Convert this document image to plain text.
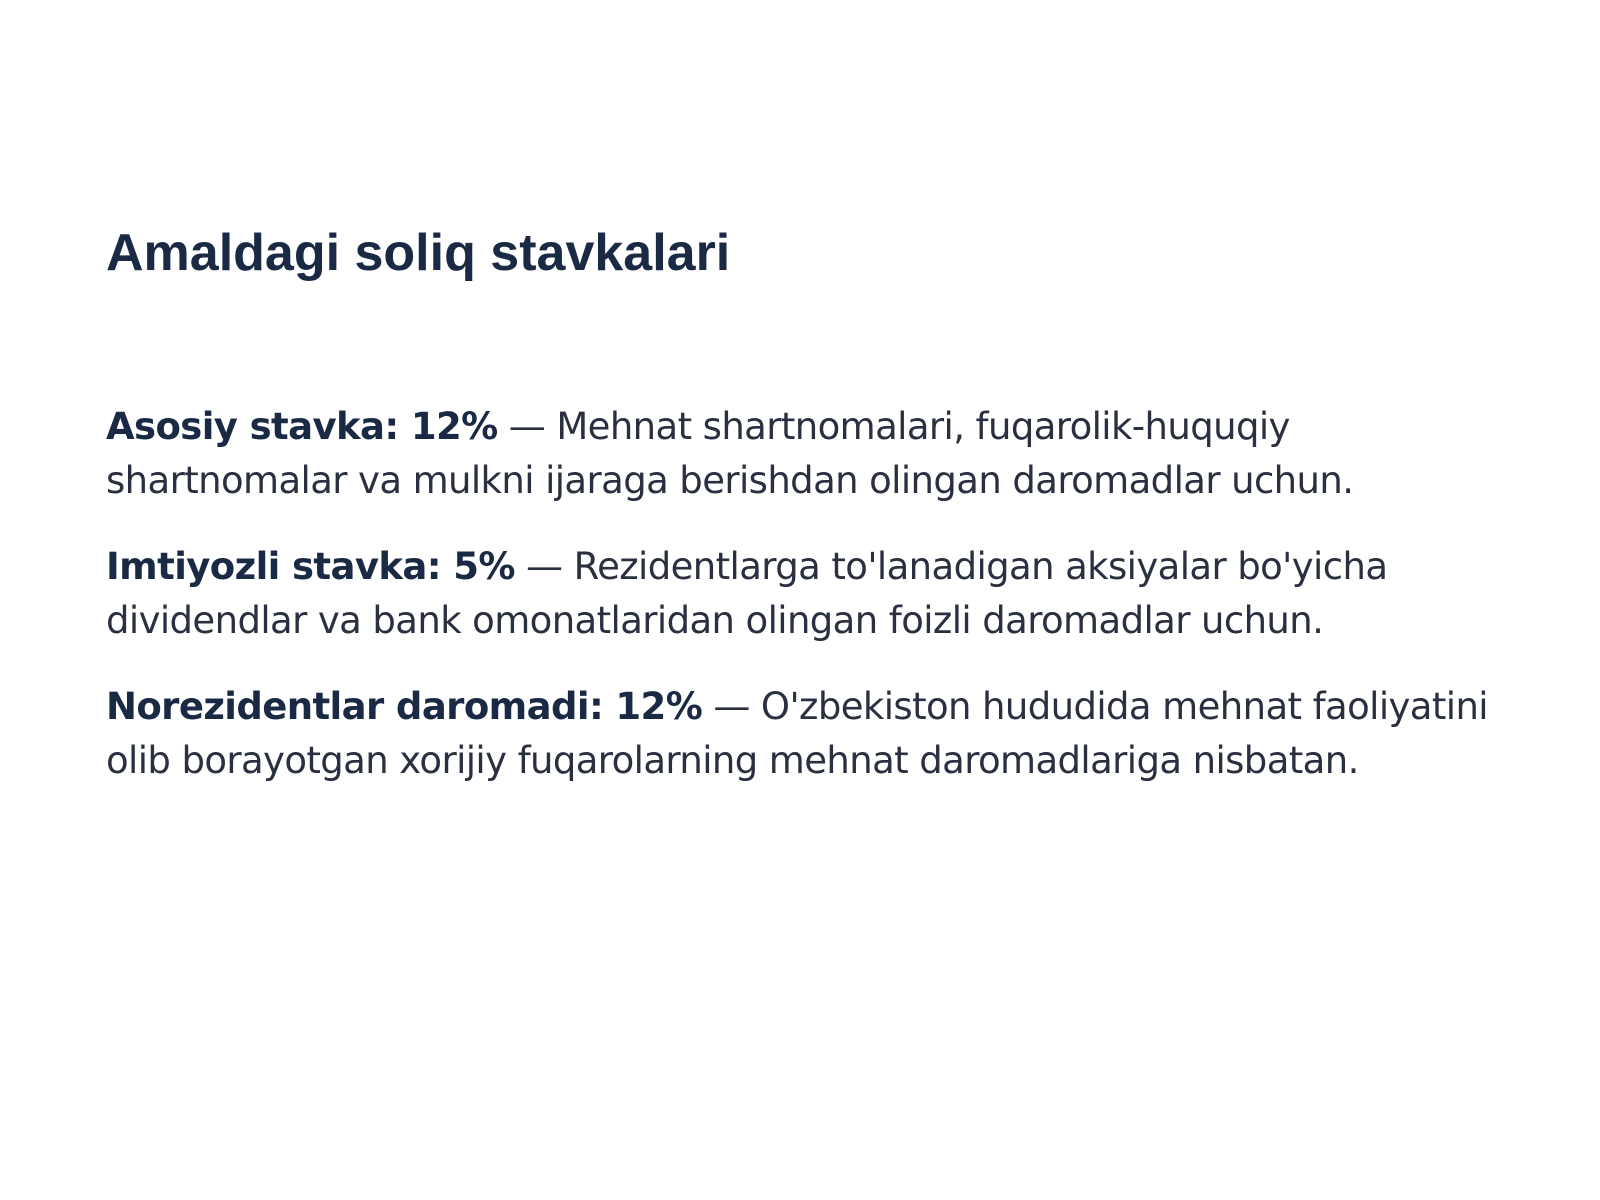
Amaldagi soliq stavkalari

Asosiy stavka: 12% — Mehnat shartnomalari, fuqarolik-huquqiy shartnomalar va mulkni ijaraga berishdan olingan daromadlar uchun.

Imtiyozli stavka: 5% — Rezidentlarga to'lanadigan aksiyalar bo'yicha dividendlar va bank omonatlaridan olingan foizli daromadlar uchun.

Norezidentlar daromadi: 12% — O'zbekiston hududida mehnat faoliyatini olib borayotgan xorijiy fuqarolarning mehnat daromadlariga nisbatan.
